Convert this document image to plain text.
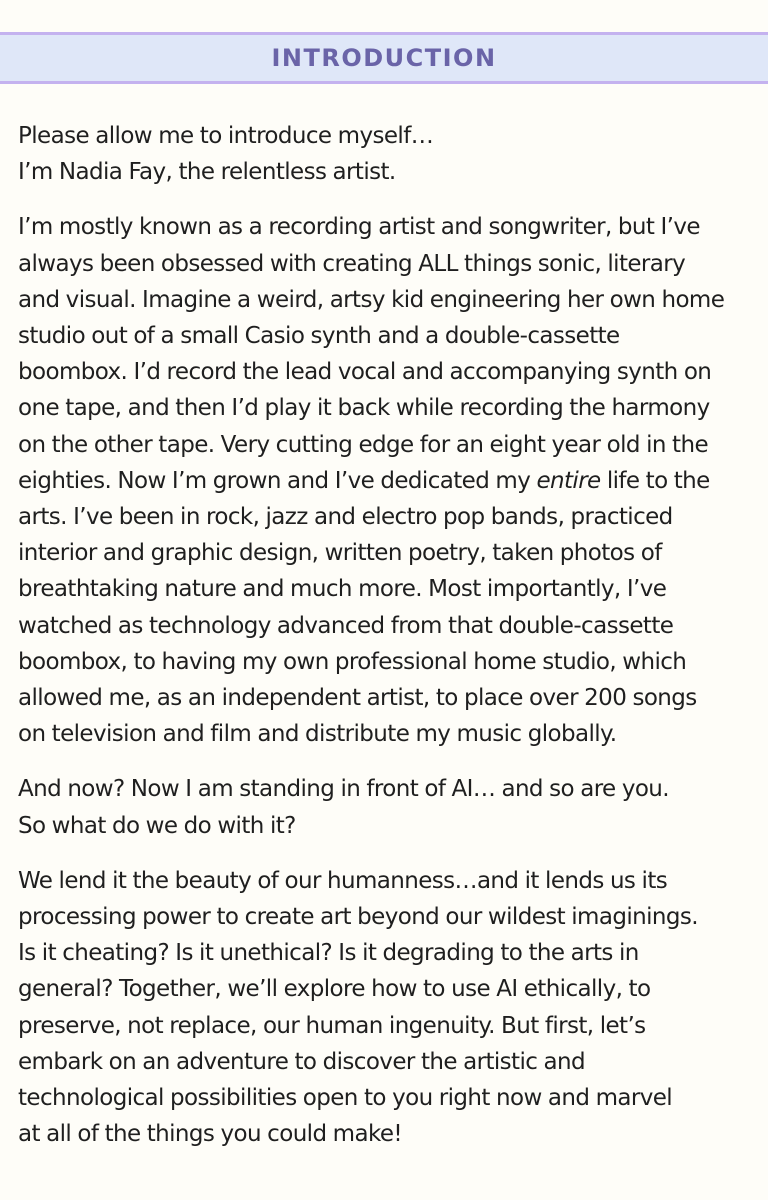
INTRODUCTION

Please allow me to introduce myself…
I’m Nadia Fay, the relentless artist.

I’m mostly known as a recording artist and songwriter, but I’ve
always been obsessed with creating ALL things sonic, literary
and visual. Imagine a weird, artsy kid engineering her own home
studio out of a small Casio synth and a double-cassette
boombox. I’d record the lead vocal and accompanying synth on
one tape, and then I’d play it back while recording the harmony
on the other tape. Very cutting edge for an eight year old in the
eighties. Now I’m grown and I’ve dedicated my entire life to the
arts. I’ve been in rock, jazz and electro pop bands, practiced
interior and graphic design, written poetry, taken photos of
breathtaking nature and much more. Most importantly, I’ve
watched as technology advanced from that double-cassette
boombox, to having my own professional home studio, which
allowed me, as an independent artist, to place over 200 songs
on television and film and distribute my music globally.

And now? Now I am standing in front of AI… and so are you.
So what do we do with it?

We lend it the beauty of our humanness…and it lends us its
processing power to create art beyond our wildest imaginings.
Is it cheating? Is it unethical? Is it degrading to the arts in
general? Together, we’ll explore how to use AI ethically, to
preserve, not replace, our human ingenuity. But first, let’s
embark on an adventure to discover the artistic and
technological possibilities open to you right now and marvel
at all of the things you could make!
